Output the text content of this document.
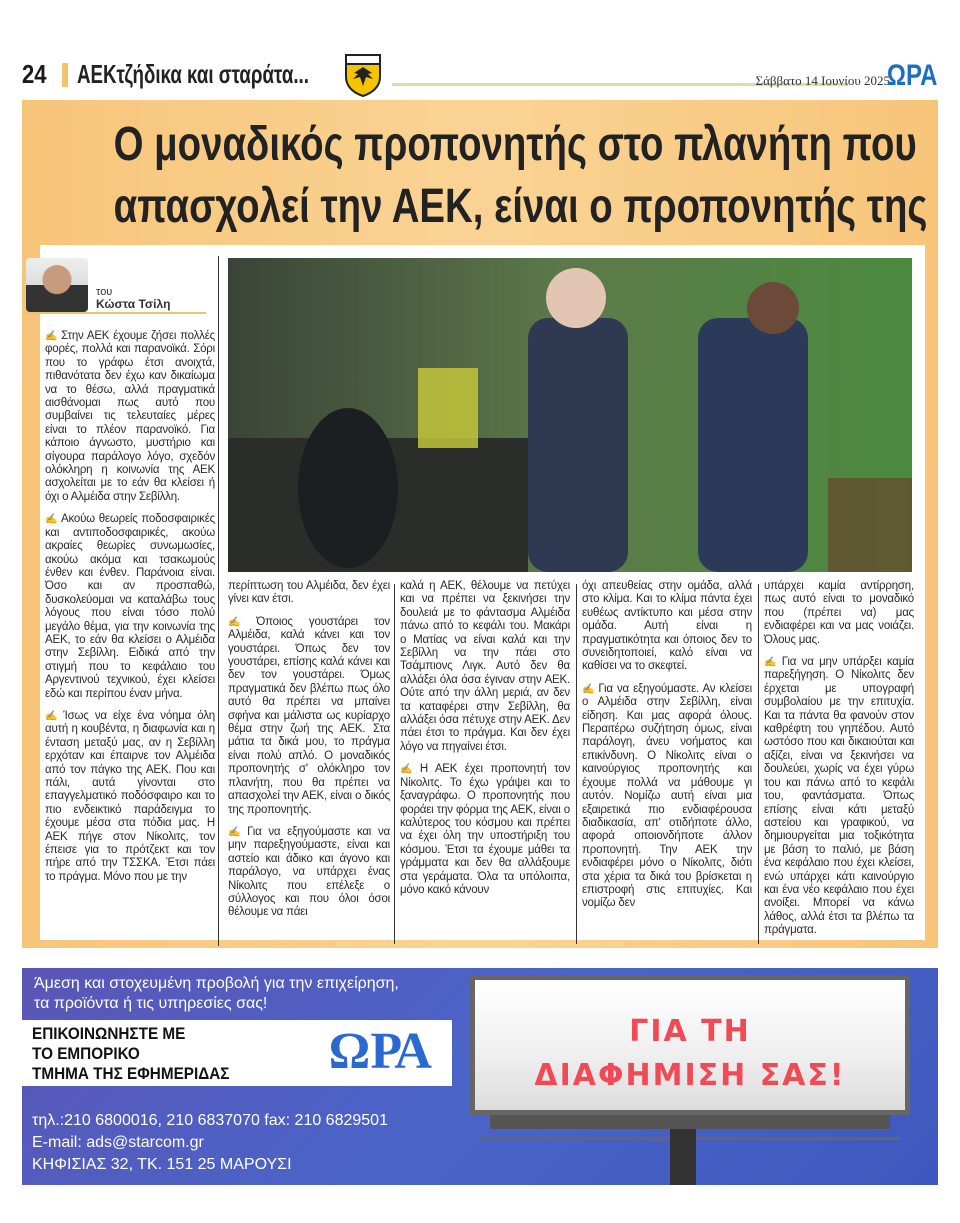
24 ΑΕΚτζήδικα και σταράτα...	Σάββατο 14 Ιουνίου 2025
ΩΡΑ
Ο μοναδικός προπονητής στο πλανήτη που
απασχολεί την ΑΕΚ, είναι ο προπονητής της
του
Κώστα Τσίλη

✍ Στην ΑΕΚ έχουμε ζήσει πολλές φορές, πολλά και παρανοϊκά. Σόρι που το γράφω έτσι ανοιχτά, πιθανότατα δεν έχω καν δικαίωμα να το θέσω, αλλά πραγματικά αισθάνομαι πως αυτό που συμβαίνει τις τελευταίες μέρες είναι το πλέον παρανοϊκό. Για κάποιο άγνωστο, μυστήριο και σίγουρα παράλογο λόγο, σχεδόν ολόκληρη η κοινωνία της ΑΕΚ ασχολείται με το εάν θα κλείσει ή όχι ο Αλμέιδα στην Σεβίλλη.

✍ Ακούω θεωρείς ποδοσφαιρικές και αντιποδοσφαιρικές, ακούω ακραίες θεωρίες συνωμωσίες, ακούω ακόμα και τσακωμούς ένθεν και ένθεν. Παράνοια είναι. Όσο και αν προσπαθώ, δυσκολεύομαι να καταλάβω τους λόγους που είναι τόσο πολύ μεγάλο θέμα, για την κοινωνία της ΑΕΚ, το εάν θα κλείσει ο Αλμέιδα στην Σεβίλλη. Ειδικά από την στιγμή που το κεφάλαιο του Αργεντινού τεχνικού, έχει κλείσει εδώ και περίπου έναν μήνα.

✍ Ίσως να είχε ένα νόημα όλη αυτή η κουβέντα, η διαφωνία και η ένταση μεταξύ μας, αν η Σεβίλλη ερχόταν και έπαιρνε τον Αλμέιδα από τον πάγκο της ΑΕΚ. Που και πάλι, αυτά γίνονται στο επαγγελματικό ποδόσφαιρο και το πιο ενδεικτικό παράδειγμα το έχουμε μέσα στα πόδια μας. Η ΑΕΚ πήγε στον Νίκολιτς, τον έπεισε για το πρότζεκτ και τον πήρε από την ΤΣΣΚΑ. Έτσι πάει το πράγμα. Μόνο που με την

περίπτωση του Αλμέιδα, δεν έχει γίνει καν έτσι.

✍ Όποιος γουστάρει τον Αλμέιδα, καλά κάνει και τον γουστάρει. Όπως δεν τον γουστάρει, επίσης καλά κάνει και δεν τον γουστάρει. Όμως πραγματικά δεν βλέπω πως όλο αυτό θα πρέπει να μπαίνει σφήνα και μάλιστα ως κυρίαρχο θέμα στην ζωή της ΑΕΚ. Στα μάτια τα δικά μου, το πράγμα είναι πολύ απλό. Ο μοναδικός προπονητής σ' ολόκληρο τον πλανήτη, που θα πρέπει να απασχολεί την ΑΕΚ, είναι ο δικός της προπονητής.

✍ Για να εξηγούμαστε και να μην παρεξηγούμαστε, είναι και αστείο και άδικο και άγονο και παράλογο, να υπάρχει ένας Νίκολιτς που επέλεξε ο σύλλογος και που όλοι όσοι θέλουμε να πάει

καλά η ΑΕΚ, θέλουμε να πετύχει και να πρέπει να ξεκινήσει την δουλειά με το φάντασμα Αλμέιδα πάνω από το κεφάλι του. Μακάρι ο Ματίας να είναι καλά και την Σεβίλλη να την πάει στο Τσάμπιονς Λιγκ. Αυτό δεν θα αλλάξει όλα όσα έγιναν στην ΑΕΚ. Ούτε από την άλλη μεριά, αν δεν τα καταφέρει στην Σεβίλλη, θα αλλάξει όσα πέτυχε στην ΑΕΚ. Δεν πάει έτσι το πράγμα. Και δεν έχει λόγο να πηγαίνει έτσι.

✍ Η ΑΕΚ έχει προπονητή τον Νίκολιτς. Το έχω γράψει και το ξαναγράφω. Ο προπονητής που φοράει την φόρμα της ΑΕΚ, είναι ο καλύτερος του κόσμου και πρέπει να έχει όλη την υποστήριξη του κόσμου. Έτσι τα έχουμε μάθει τα γράμματα και δεν θα αλλάξουμε στα γεράματα. Όλα τα υπόλοιπα, μόνο κακό κάνουν

όχι απευθείας στην ομάδα, αλλά στο κλίμα. Και το κλίμα πάντα έχει ευθέως αντίκτυπο και μέσα στην ομάδα. Αυτή είναι η πραγματικότητα και όποιος δεν το συνειδητοποιεί, καλό είναι να καθίσει να το σκεφτεί.

✍ Για να εξηγούμαστε. Αν κλείσει ο Αλμέιδα στην Σεβίλλη, είναι είδηση. Και μας αφορά όλους. Περαιτέρω συζήτηση όμως, είναι παράλογη, άνευ νοήματος και επικίνδυνη. Ο Νίκολιτς είναι ο καινούργιος προπονητής και έχουμε πολλά να μάθουμε γι αυτόν. Νομίζω αυτή είναι μια εξαιρετικά πιο ενδιαφέρουσα διαδικασία, απ' οτιδήποτε άλλο, αφορά οποιονδήποτε άλλον προπονητή. Την ΑΕΚ την ενδιαφέρει μόνο ο Νίκολιτς, διότι στα χέρια τα δικά του βρίσκεται η επιστροφή στις επιτυχίες. Και νομίζω δεν

υπάρχει καμία αντίρρηση, πως αυτό είναι το μοναδικό που (πρέπει να) μας ενδιαφέρει και να μας νοιάζει. Όλους μας.

✍ Για να μην υπάρξει καμία παρεξήγηση. Ο Νίκολιτς δεν έρχεται με υπογραφή συμβολαίου με την επιτυχία. Και τα πάντα θα φανούν στον καθρέφτη του γηπέδου. Αυτό ωστόσο που και δικαιούται και αξίζει, είναι να ξεκινήσει να δουλεύει, χωρίς να έχει γύρω του και πάνω από το κεφάλι του, φαντάσματα. Όπως επίσης είναι κάτι μεταξύ αστείου και γραφικού, να δημιουργείται μια τοξικότητα με βάση το παλιό, με βάση ένα κεφάλαιο που έχει κλείσει, ενώ υπάρχει κάτι καινούργιο και ένα νέο κεφάλαιο που έχει ανοίξει. Μπορεί να κάνω λάθος, αλλά έτσι τα βλέπω τα πράγματα.

Άμεση και στοχευμένη προβολή για την επιχείρηση,
τα προϊόντα ή τις υπηρεσίες σας!
ΕΠΙΚΟΙΝΩΝΗΣΤΕ ΜΕ
ΤΟ ΕΜΠΟΡΙΚΟ
ΤΜΗΜΑ ΤΗΣ ΕΦΗΜΕΡΙΔΑΣ ΩΡΑ
τηλ.:210 6800016, 210 6837070 fax: 210 6829501
E-mail: ads@starcom.gr
ΚΗΦΙΣΙΑΣ 32, ΤΚ. 151 25 ΜΑΡΟΥΣΙ
ΓΙΑ ΤΗ
ΔΙΑΦΗΜΙΣΗ ΣΑΣ!
